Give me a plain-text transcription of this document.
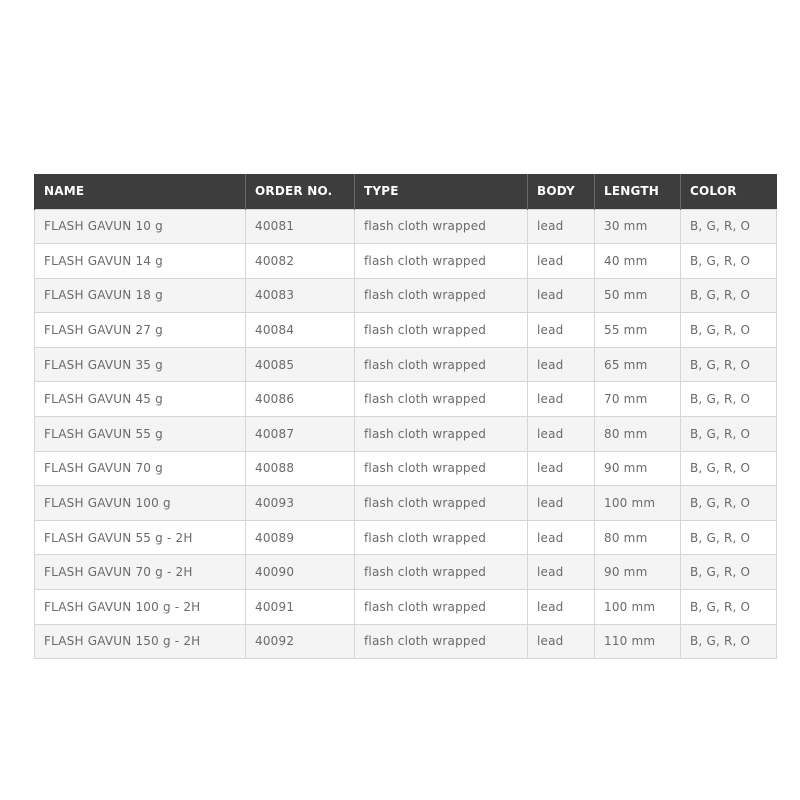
NAME	ORDER NO.	TYPE	BODY	LENGTH	COLOR
FLASH GAVUN 10 g	40081	flash cloth wrapped	lead	30 mm	B, G, R, O
FLASH GAVUN 14 g	40082	flash cloth wrapped	lead	40 mm	B, G, R, O
FLASH GAVUN 18 g	40083	flash cloth wrapped	lead	50 mm	B, G, R, O
FLASH GAVUN 27 g	40084	flash cloth wrapped	lead	55 mm	B, G, R, O
FLASH GAVUN 35 g	40085	flash cloth wrapped	lead	65 mm	B, G, R, O
FLASH GAVUN 45 g	40086	flash cloth wrapped	lead	70 mm	B, G, R, O
FLASH GAVUN 55 g	40087	flash cloth wrapped	lead	80 mm	B, G, R, O
FLASH GAVUN 70 g	40088	flash cloth wrapped	lead	90 mm	B, G, R, O
FLASH GAVUN 100 g	40093	flash cloth wrapped	lead	100 mm	B, G, R, O
FLASH GAVUN 55 g - 2H	40089	flash cloth wrapped	lead	80 mm	B, G, R, O
FLASH GAVUN 70 g - 2H	40090	flash cloth wrapped	lead	90 mm	B, G, R, O
FLASH GAVUN 100 g - 2H	40091	flash cloth wrapped	lead	100 mm	B, G, R, O
FLASH GAVUN 150 g - 2H	40092	flash cloth wrapped	lead	110 mm	B, G, R, O
